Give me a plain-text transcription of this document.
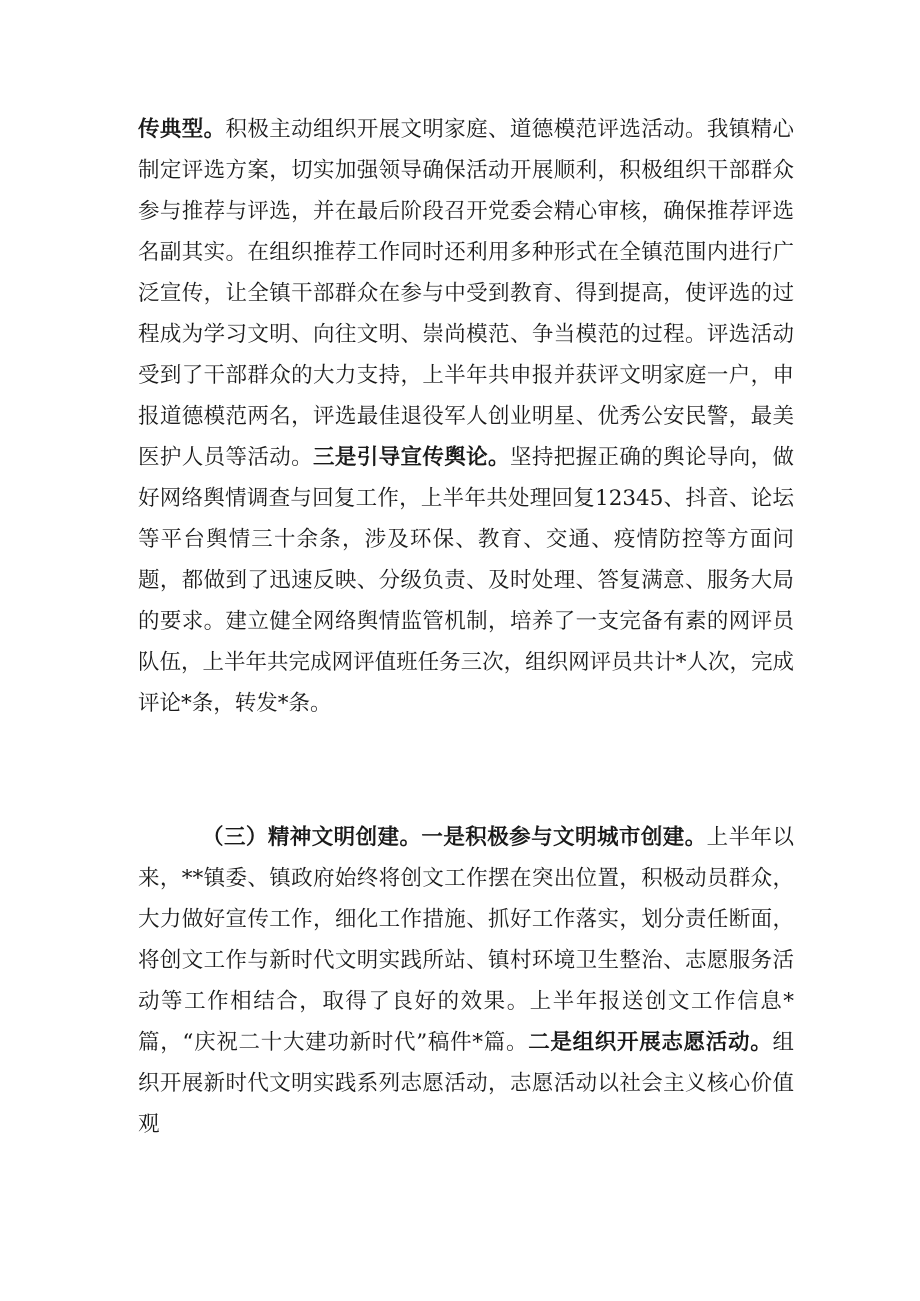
传典型。积极主动组织开展文明家庭、道德模范评选活动。我镇精心制定评选方案，切实加强领导确保活动开展顺利，积极组织干部群众参与推荐与评选，并在最后阶段召开党委会精心审核，确保推荐评选名副其实。在组织推荐工作同时还利用多种形式在全镇范围内进行广泛宣传，让全镇干部群众在参与中受到教育、得到提高，使评选的过程成为学习文明、向往文明、崇尚模范、争当模范的过程。评选活动受到了干部群众的大力支持，上半年共申报并获评文明家庭一户，申报道德模范两名，评选最佳退役军人创业明星、优秀公安民警，最美医护人员等活动。三是引导宣传舆论。坚持把握正确的舆论导向，做好网络舆情调查与回复工作，上半年共处理回复12345、抖音、论坛等平台舆情三十余条，涉及环保、教育、交通、疫情防控等方面问题，都做到了迅速反映、分级负责、及时处理、答复满意、服务大局的要求。建立健全网络舆情监管机制，培养了一支完备有素的网评员队伍，上半年共完成网评值班任务三次，组织网评员共计*人次，完成评论*条，转发*条。

（三）精神文明创建。一是积极参与文明城市创建。上半年以来，**镇委、镇政府始终将创文工作摆在突出位置，积极动员群众，大力做好宣传工作，细化工作措施、抓好工作落实，划分责任断面，将创文工作与新时代文明实践所站、镇村环境卫生整治、志愿服务活动等工作相结合，取得了良好的效果。上半年报送创文工作信息*篇，“庆祝二十大建功新时代”稿件*篇。二是组织开展志愿活动。组织开展新时代文明实践系列志愿活动，志愿活动以社会主义核心价值观
